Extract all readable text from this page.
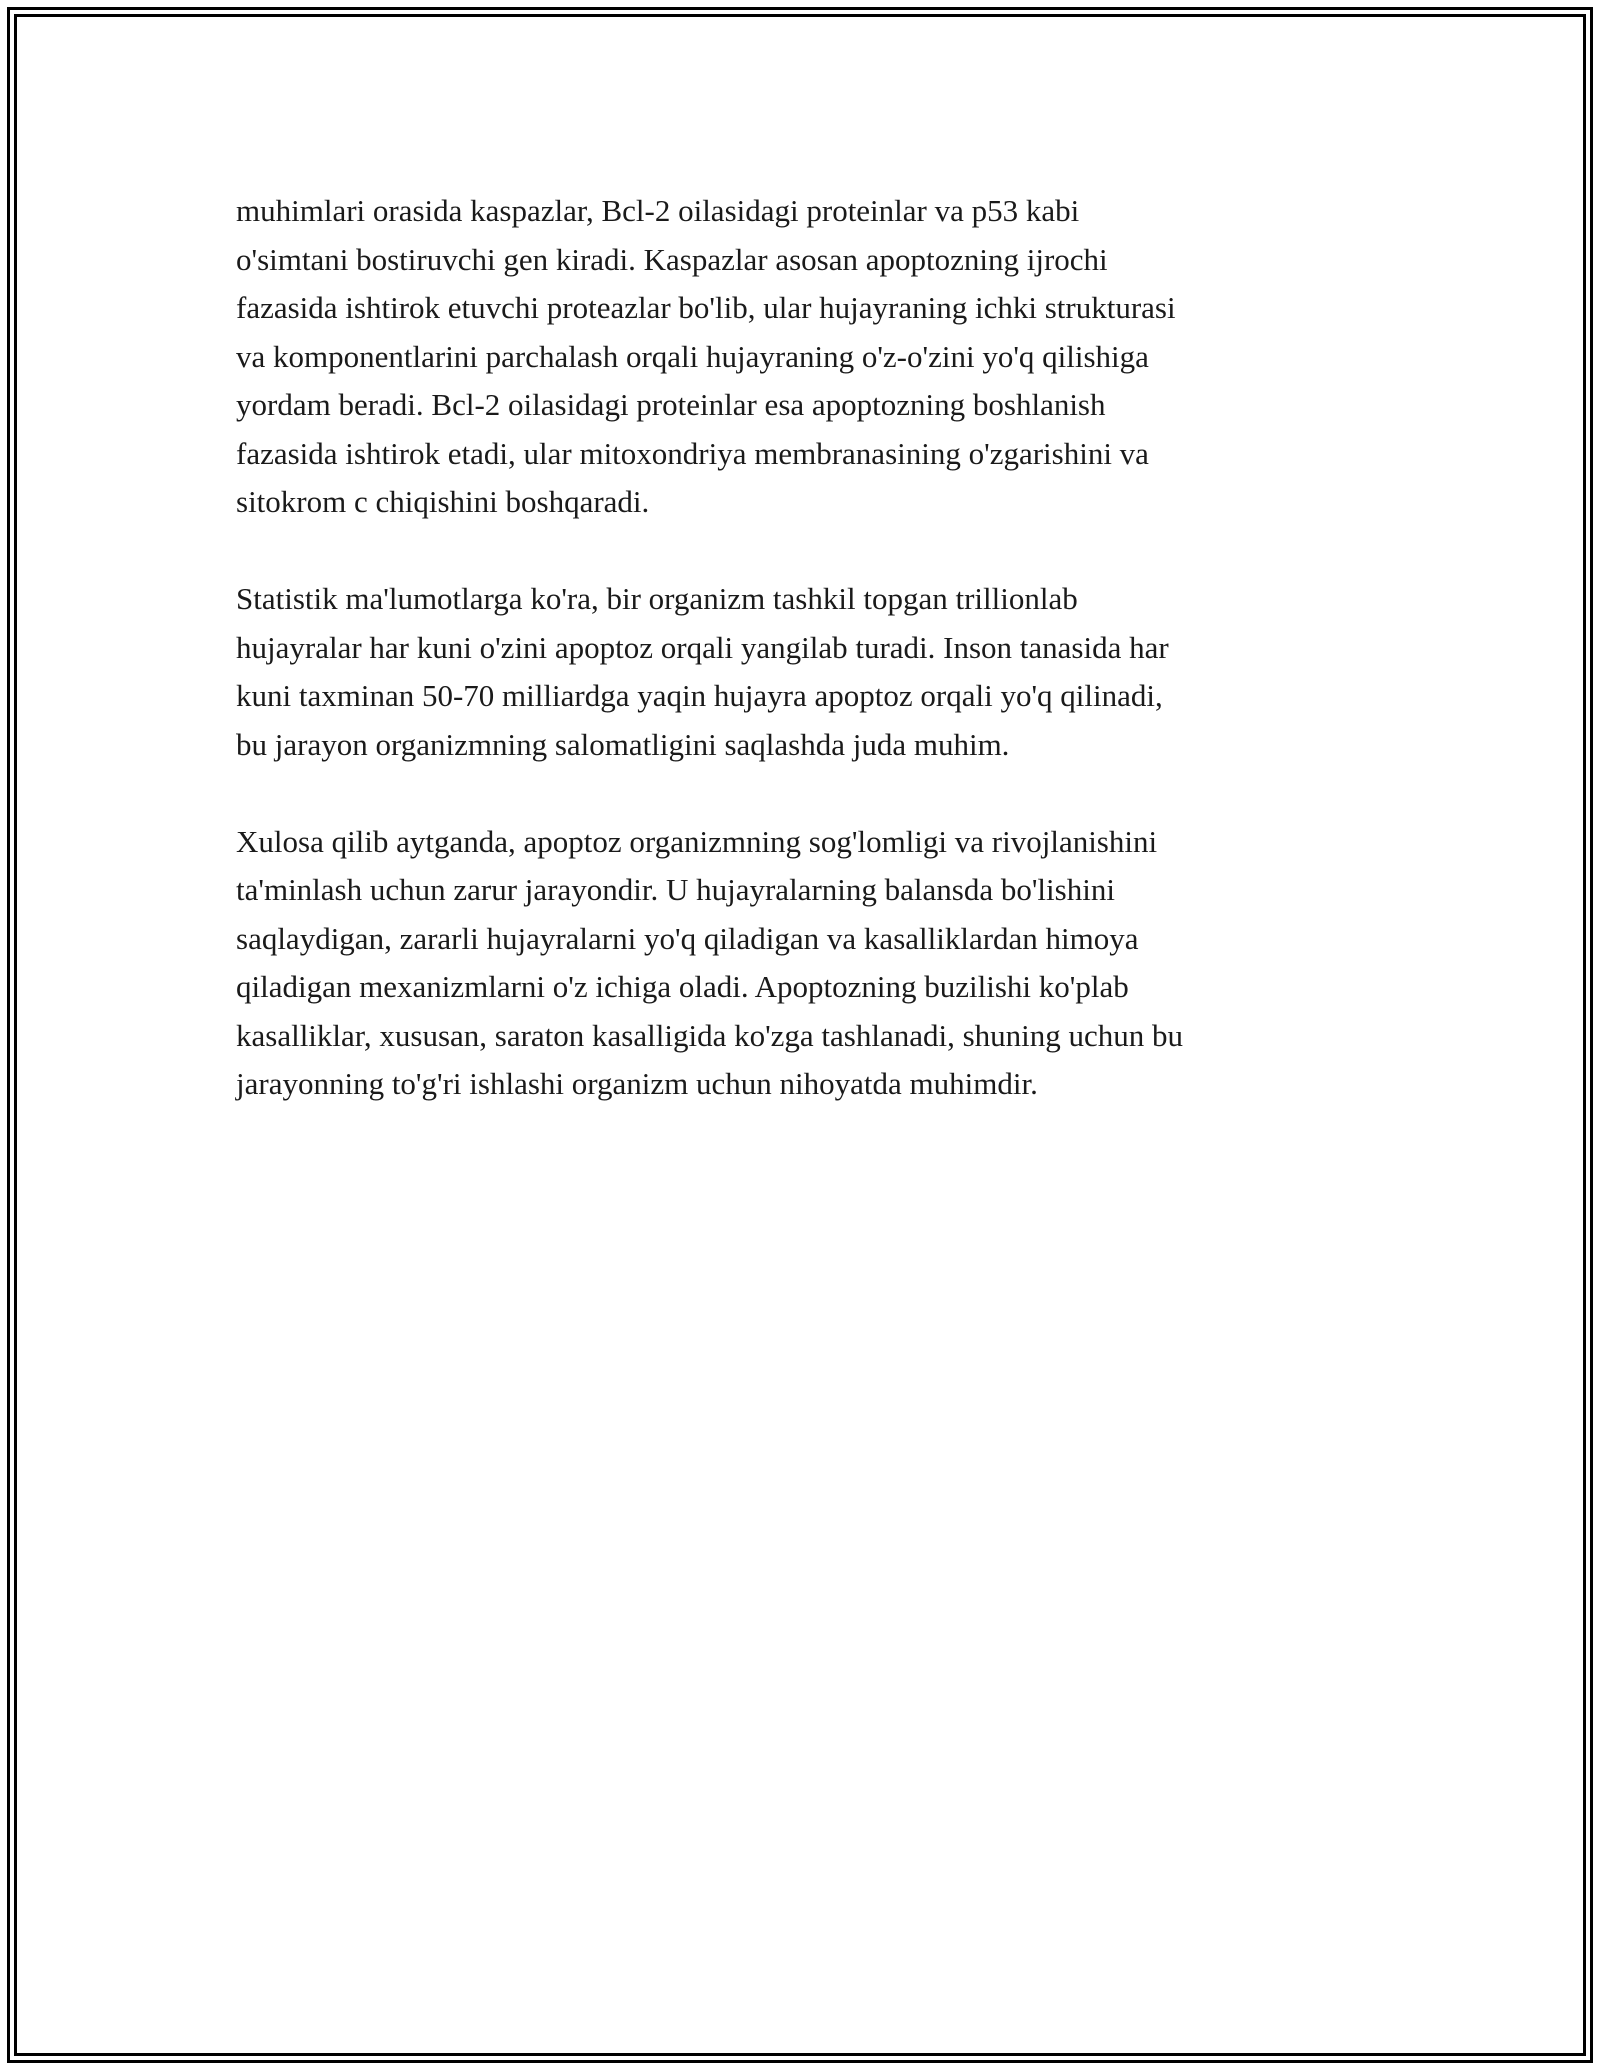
muhimlari orasida kaspazlar, Bcl-2 oilasidagi proteinlar va p53 kabi
o'simtani bostiruvchi gen kiradi. Kaspazlar asosan apoptozning ijrochi
fazasida ishtirok etuvchi proteazlar bo'lib, ular hujayraning ichki strukturasi
va komponentlarini parchalash orqali hujayraning o'z-o'zini yo'q qilishiga
yordam beradi. Bcl-2 oilasidagi proteinlar esa apoptozning boshlanish
fazasida ishtirok etadi, ular mitoxondriya membranasining o'zgarishini va
sitokrom c chiqishini boshqaradi.

Statistik ma'lumotlarga ko'ra, bir organizm tashkil topgan trillionlab
hujayralar har kuni o'zini apoptoz orqali yangilab turadi. Inson tanasida har
kuni taxminan 50-70 milliardga yaqin hujayra apoptoz orqali yo'q qilinadi,
bu jarayon organizmning salomatligini saqlashda juda muhim.

Xulosa qilib aytganda, apoptoz organizmning sog'lomligi va rivojlanishini
ta'minlash uchun zarur jarayondir. U hujayralarning balansda bo'lishini
saqlaydigan, zararli hujayralarni yo'q qiladigan va kasalliklardan himoya
qiladigan mexanizmlarni o'z ichiga oladi. Apoptozning buzilishi ko'plab
kasalliklar, xususan, saraton kasalligida ko'zga tashlanadi, shuning uchun bu
jarayonning to'g'ri ishlashi organizm uchun nihoyatda muhimdir.
